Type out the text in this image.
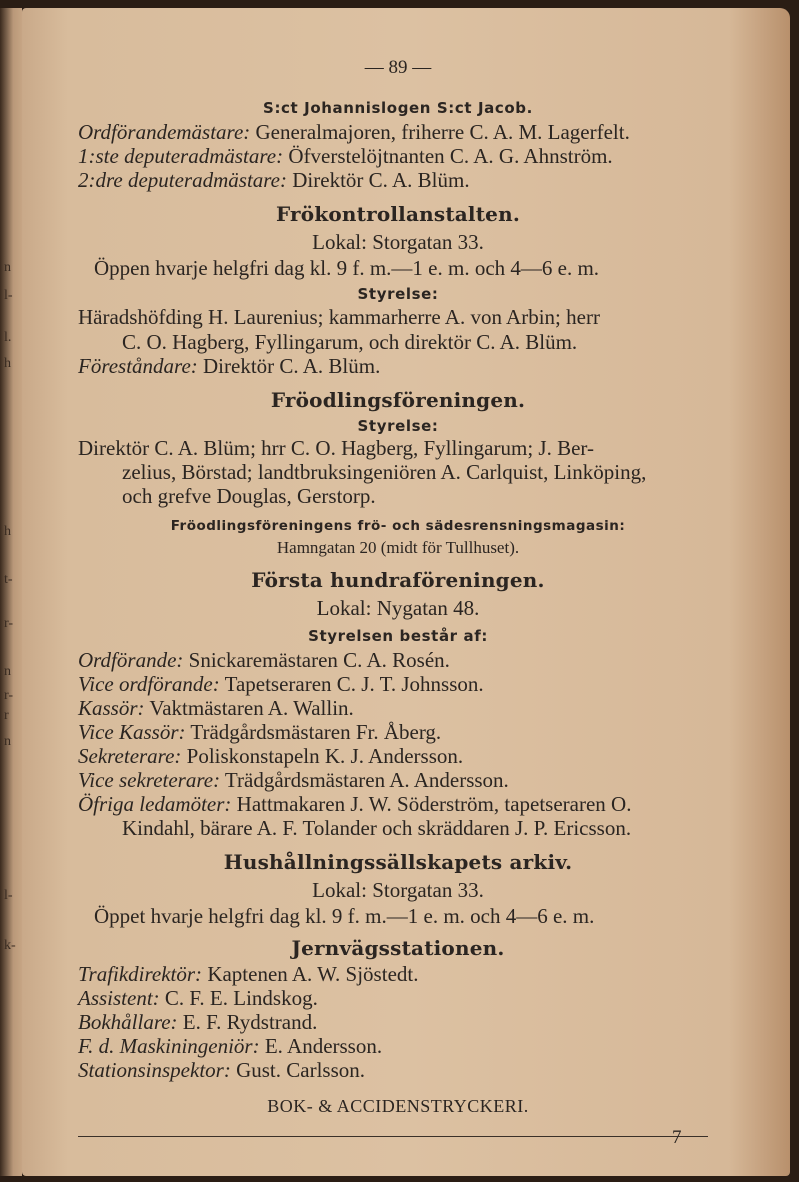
n
l-
l.
h
h
t-
r-
n
r-
r
n
l-
k-
— 89 —
S:ct Johannislogen S:ct Jacob.
Ordförandemästare: Generalmajoren, friherre C. A. M. Lagerfelt.
1:ste deputeradmästare: Öfverstelöjtnanten C. A. G. Ahnström.
2:dre deputeradmästare: Direktör C. A. Blüm.
Frökontrollanstalten.
Lokal: Storgatan 33.
Öppen hvarje helgfri dag kl. 9 f. m.—1 e. m. och 4—6 e. m.
Styrelse:
Häradshöfding H. Laurenius; kammarherre A. von Arbin; herr
C. O. Hagberg, Fyllingarum, och direktör C. A. Blüm.
Föreståndare: Direktör C. A. Blüm.
Fröodlingsföreningen.
Styrelse:
Direktör C. A. Blüm; hrr C. O. Hagberg, Fyllingarum; J. Ber-
zelius, Börstad; landtbruksingeniören A. Carlquist, Linköping,
och grefve Douglas, Gerstorp.
Fröodlingsföreningens frö- och sädesrensningsmagasin:
Hamngatan 20 (midt för Tullhuset).
Första hundraföreningen.
Lokal: Nygatan 48.
Styrelsen består af:
Ordförande: Snickaremästaren C. A. Rosén.
Vice ordförande: Tapetseraren C. J. T. Johnsson.
Kassör: Vaktmästaren A. Wallin.
Vice Kassör: Trädgårdsmästaren Fr. Åberg.
Sekreterare: Poliskonstapeln K. J. Andersson.
Vice sekreterare: Trädgårdsmästaren A. Andersson.
Öfriga ledamöter: Hattmakaren J. W. Söderström, tapetseraren O.
Kindahl, bärare A. F. Tolander och skräddaren J. P. Ericsson.
Hushållningssällskapets arkiv.
Lokal: Storgatan 33.
Öppet hvarje helgfri dag kl. 9 f. m.—1 e. m. och 4—6 e. m.
Jernvägsstationen.
Trafikdirektör: Kaptenen A. W. Sjöstedt.
Assistent: C. F. E. Lindskog.
Bokhållare: E. F. Rydstrand.
F. d. Maskiningeniör: E. Andersson.
Stationsinspektor: Gust. Carlsson.
BOK- & ACCIDENSTRYCKERI.
7
